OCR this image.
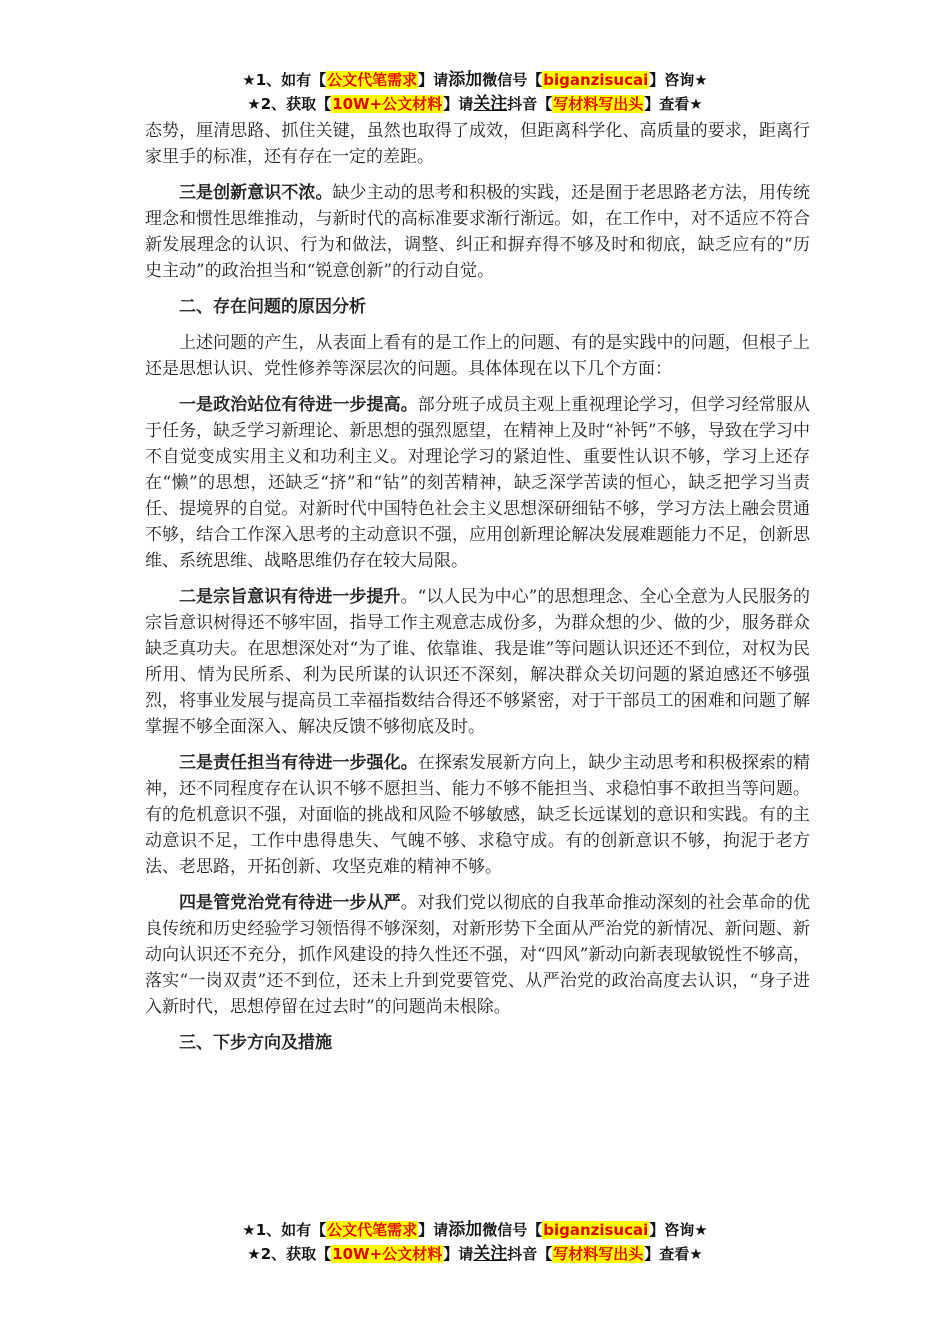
★1、如有【公文代笔需求】请添加微信号【biganzisucai】咨询★
★2、获取【10W+公文材料】请关注抖音【写材料写出头】查看★

态势，厘清思路、抓住关键，虽然也取得了成效，但距离科学化、高质量的要求，距离行家里手的标准，还有存在一定的差距。

三是创新意识不浓。缺少主动的思考和积极的实践，还是囿于老思路老方法，用传统理念和惯性思维推动，与新时代的高标准要求渐行渐远。如，在工作中，对不适应不符合新发展理念的认识、行为和做法，调整、纠正和摒弃得不够及时和彻底，缺乏应有的“历史主动”的政治担当和“锐意创新”的行动自觉。

二、存在问题的原因分析

上述问题的产生，从表面上看有的是工作上的问题、有的是实践中的问题，但根子上还是思想认识、党性修养等深层次的问题。具体体现在以下几个方面：

一是政治站位有待进一步提高。部分班子成员主观上重视理论学习，但学习经常服从于任务，缺乏学习新理论、新思想的强烈愿望，在精神上及时“补钙”不够，导致在学习中不自觉变成实用主义和功利主义。对理论学习的紧迫性、重要性认识不够，学习上还存在“懒”的思想，还缺乏“挤”和“钻”的刻苦精神，缺乏深学苦读的恒心，缺乏把学习当责任、提境界的自觉。对新时代中国特色社会主义思想深研细钻不够，学习方法上融会贯通不够，结合工作深入思考的主动意识不强，应用创新理论解决发展难题能力不足，创新思维、系统思维、战略思维仍存在较大局限。

二是宗旨意识有待进一步提升。“以人民为中心”的思想理念、全心全意为人民服务的宗旨意识树得还不够牢固，指导工作主观意志成份多，为群众想的少、做的少，服务群众缺乏真功夫。在思想深处对“为了谁、依靠谁、我是谁”等问题认识还还不到位，对权为民所用、情为民所系、利为民所谋的认识还不深刻，解决群众关切问题的紧迫感还不够强烈，将事业发展与提高员工幸福指数结合得还不够紧密，对于干部员工的困难和问题了解掌握不够全面深入、解决反馈不够彻底及时。

三是责任担当有待进一步强化。在探索发展新方向上，缺少主动思考和积极探索的精神，还不同程度存在认识不够不愿担当、能力不够不能担当、求稳怕事不敢担当等问题。有的危机意识不强，对面临的挑战和风险不够敏感，缺乏长远谋划的意识和实践。有的主动意识不足，工作中患得患失、气魄不够、求稳守成。有的创新意识不够，拘泥于老方法、老思路，开拓创新、攻坚克难的精神不够。

四是管党治党有待进一步从严。对我们党以彻底的自我革命推动深刻的社会革命的优良传统和历史经验学习领悟得不够深刻，对新形势下全面从严治党的新情况、新问题、新动向认识还不充分，抓作风建设的持久性还不强，对“四风”新动向新表现敏锐性不够高，落实“一岗双责”还不到位，还未上升到党要管党、从严治党的政治高度去认识，“身子进入新时代，思想停留在过去时”的问题尚未根除。

三、下步方向及措施

★1、如有【公文代笔需求】请添加微信号【biganzisucai】咨询★
★2、获取【10W+公文材料】请关注抖音【写材料写出头】查看★
